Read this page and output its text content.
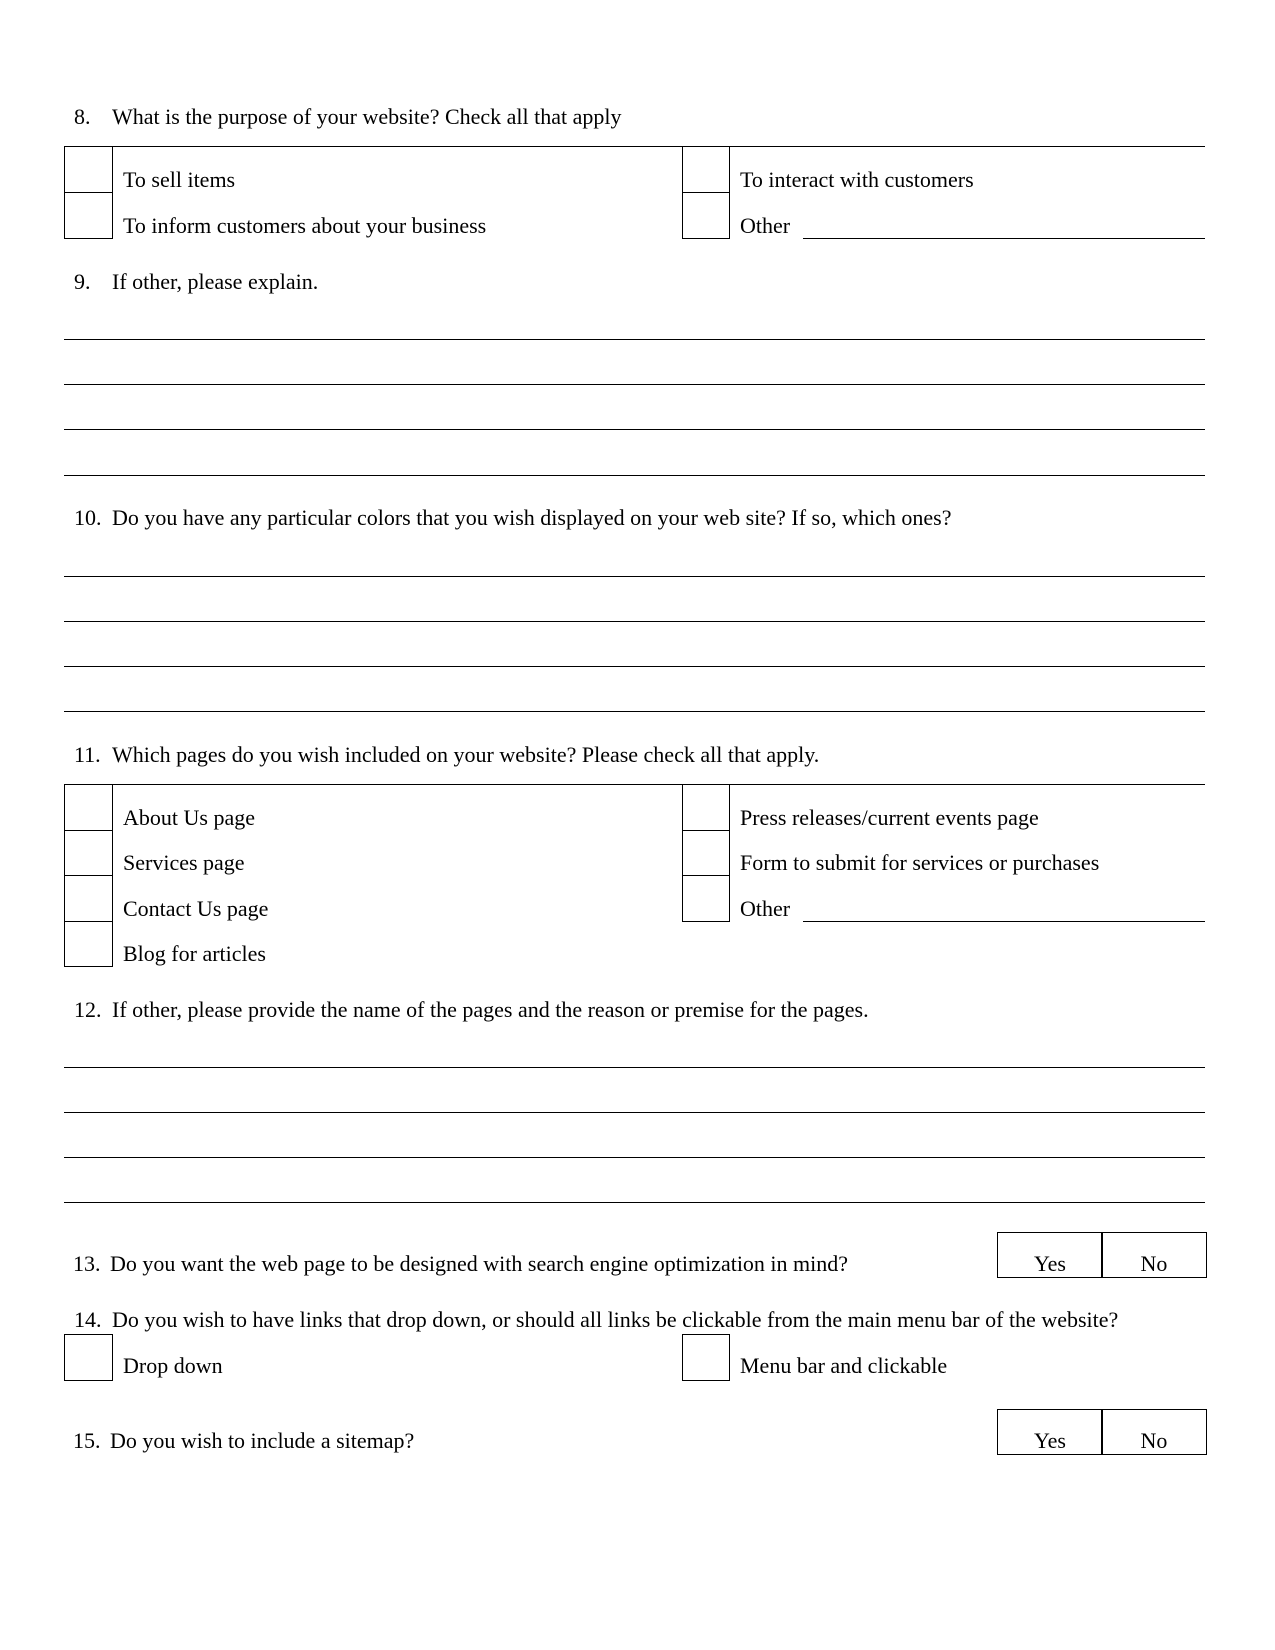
8. What is the purpose of your website? Check all that apply
To sell items
To inform customers about your business
To interact with customers
Other
9. If other, please explain.
10. Do you have any particular colors that you wish displayed on your web site? If so, which ones?
11. Which pages do you wish included on your website? Please check all that apply.
About Us page
Services page
Contact Us page
Blog for articles
Press releases/current events page
Form to submit for services or purchases
Other
12. If other, please provide the name of the pages and the reason or premise for the pages.
13. Do you want the web page to be designed with search engine optimization in mind?	Yes	No
14. Do you wish to have links that drop down, or should all links be clickable from the main menu bar of the website?
Drop down	Menu bar and clickable
15. Do you wish to include a sitemap?	Yes	No
